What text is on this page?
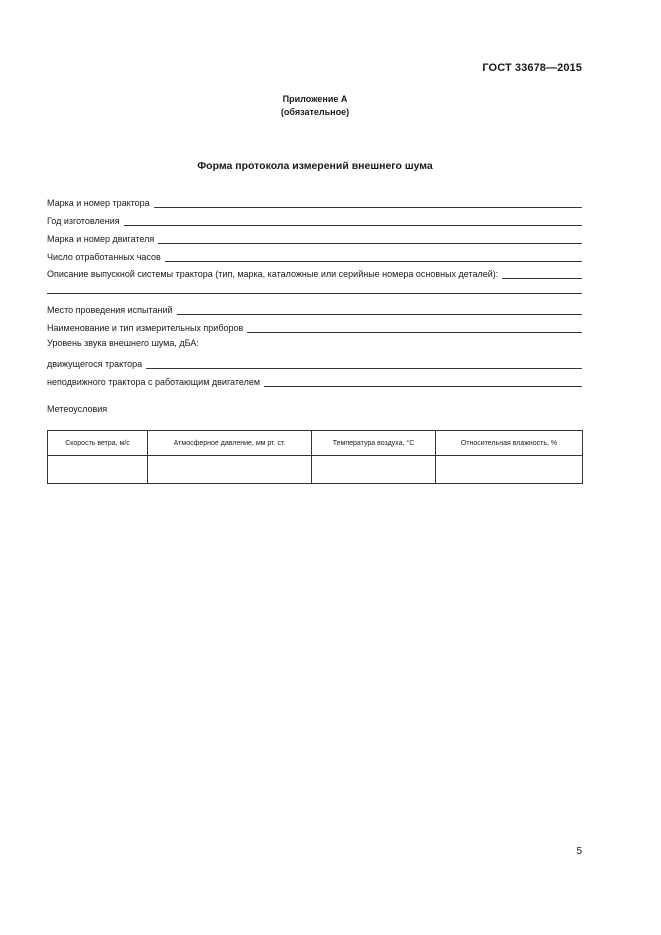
ГОСТ 33678—2015
Приложение А
(обязательное)
Форма протокола измерений внешнего шума
Марка и номер трактора
Год изготовления
Марка и номер двигателя
Число отработанных часов
Описание выпускной системы трактора (тип, марка, каталожные или серийные номера основных деталей):
Место проведения испытаний
Наименование и тип измерительных приборов
Уровень звука внешнего шума, дБА:
движущегося трактора
неподвижного трактора с работающим двигателем
Метеоусловия
Скорость ветра, м/с	Атмосферное давление, мм рт. ст.	Температура воздуха, °С	Относительная влажность, %

5
